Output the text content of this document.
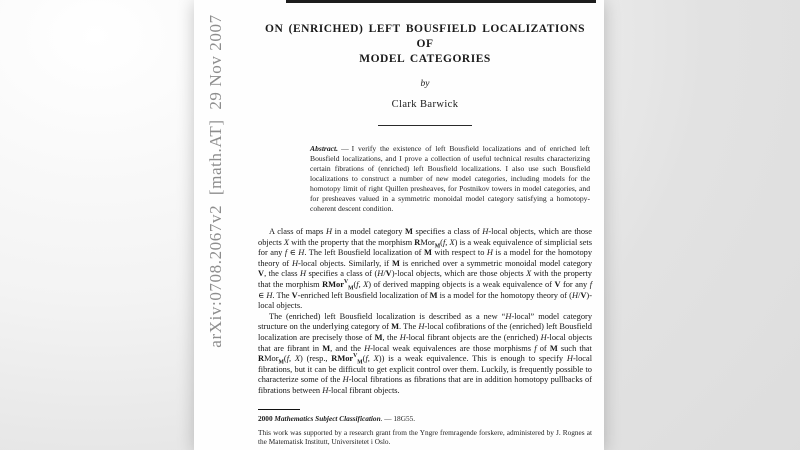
arXiv:0708.2067v2  [math.AT]  29 Nov 2007	ON (ENRICHED) LEFT BOUSFIELD LOCALIZATIONS OF
MODEL CATEGORIES
by
Clark Barwick
Abstract. — I verify the existence of left Bousfield localizations and of enriched left Bousfield localizations, and I prove a collection of useful technical results characterizing certain fibrations of (enriched) left Bousfield localizations. I also use such Bousfield localizations to construct a number of new model categories, including models for the homotopy limit of right Quillen presheaves, for Postnikov towers in model categories, and for presheaves valued in a symmetric monoidal model category satisfying a homotopy-coherent descent condition.

A class of maps H in a model category M specifies a class of H-local objects, which are those objects X with the property that the morphism RMor$_M$(f, X) is a weak equivalence of simplicial sets for any f ∈ H. The left Bousfield localization of M with respect to H is a model for the homotopy theory of H-local objects. Similarly, if M is enriched over a symmetric monoidal model category V, the class H specifies a class of (H/V)-local objects, which are those objects X with the property that the morphism RMor$^V_M$(f, X) of derived mapping objects is a weak equivalence of V for any f ∈ H. The V-enriched left Bousfield localization of M is a model for the homotopy theory of (H/V)-local objects.

The (enriched) left Bousfield localization is described as a new “H-local” model category structure on the underlying category of M. The H-local cofibrations of the (enriched) left Bousfield localization are precisely those of M, the H-local fibrant objects are the (enriched) H-local objects that are fibrant in M, and the H-local weak equivalences are those morphisms f of M such that RMor$_M$(f, X) (resp., RMor$^V_M$(f, X)) is a weak equivalence. This is enough to specify H-local fibrations, but it can be difficult to get explicit control over them. Luckily, is frequently possible to characterize some of the H-local fibrations as fibrations that are in addition homotopy pullbacks of fibrations between H-local fibrant objects.

2000 Mathematics Subject Classification. — 18G55.
This work was supported by a research grant from the Yngre fremragende forskere, administered by J. Rognes at the Matematisk Institutt, Universitetet i Oslo.
